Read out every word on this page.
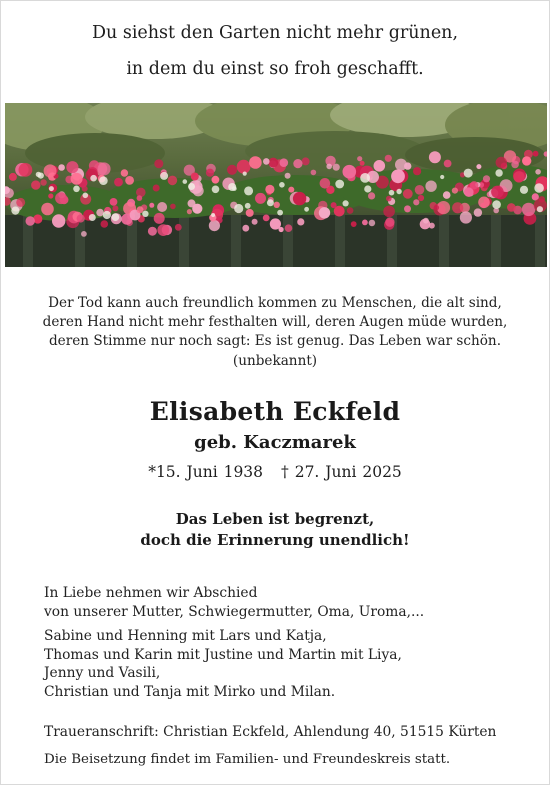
Du siehst den Garten nicht mehr grünen,
in dem du einst so froh geschafft.
Der Tod kann auch freundlich kommen zu Menschen, die alt sind,
deren Hand nicht mehr festhalten will, deren Augen müde wurden,
deren Stimme nur noch sagt: Es ist genug. Das Leben war schön.
(unbekannt)
Elisabeth Eckfeld
geb. Kaczmarek
*15. Juni 1938 † 27. Juni 2025
Das Leben ist begrenzt,
doch die Erinnerung unendlich!
In Liebe nehmen wir Abschied
von unserer Mutter, Schwiegermutter, Oma, Uroma,...
Sabine und Henning mit Lars und Katja,
Thomas und Karin mit Justine und Martin mit Liya,
Jenny und Vasili,
Christian und Tanja mit Mirko und Milan.
Traueranschrift: Christian Eckfeld, Ahlendung 40, 51515 Kürten
Die Beisetzung findet im Familien- und Freundeskreis statt.
